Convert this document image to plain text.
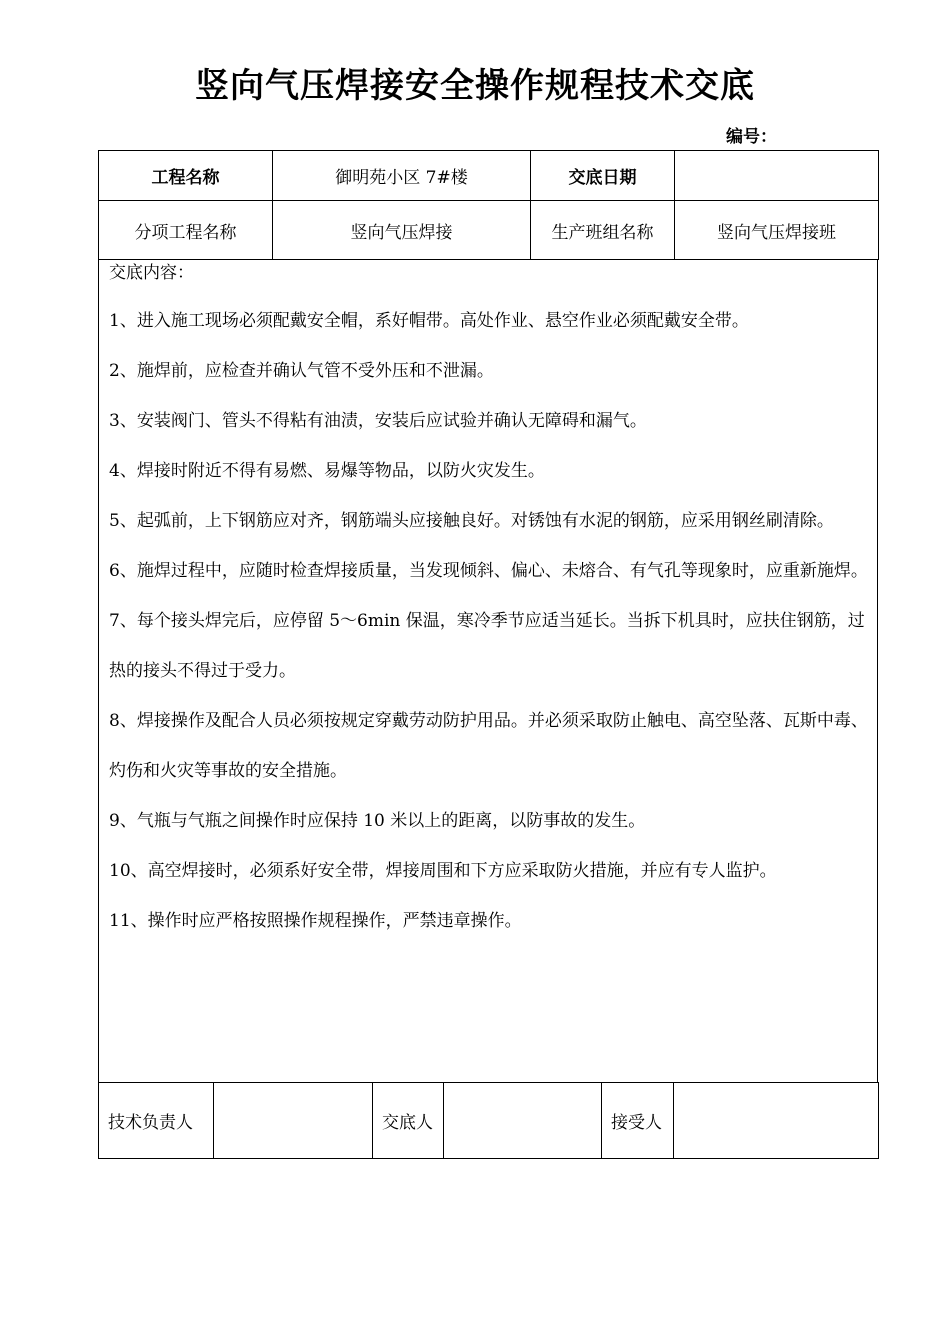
竖向气压焊接安全操作规程技术交底
编号：
工程名称	御明苑小区 7#楼	交底日期	
分项工程名称	竖向气压焊接	生产班组名称	竖向气压焊接班
交底内容：
1、进入施工现场必须配戴安全帽，系好帽带。高处作业、悬空作业必须配戴安全带。
2、施焊前，应检查并确认气管不受外压和不泄漏。
3、安装阀门、管头不得粘有油渍，安装后应试验并确认无障碍和漏气。
4、焊接时附近不得有易燃、易爆等物品，以防火灾发生。
5、起弧前，上下钢筋应对齐，钢筋端头应接触良好。对锈蚀有水泥的钢筋，应采用钢丝刷清除。
6、施焊过程中，应随时检查焊接质量，当发现倾斜、偏心、未熔合、有气孔等现象时，应重新施焊。
7、每个接头焊完后，应停留 5～6min 保温，寒冷季节应适当延长。当拆下机具时，应扶住钢筋，过热的接头不得过于受力。
8、焊接操作及配合人员必须按规定穿戴劳动防护用品。并必须采取防止触电、高空坠落、瓦斯中毒、灼伤和火灾等事故的安全措施。
9、气瓶与气瓶之间操作时应保持 10 米以上的距离，以防事故的发生。
10、高空焊接时，必须系好安全带，焊接周围和下方应采取防火措施，并应有专人监护。
11、操作时应严格按照操作规程操作，严禁违章操作。
技术负责人		交底人		接受人	
